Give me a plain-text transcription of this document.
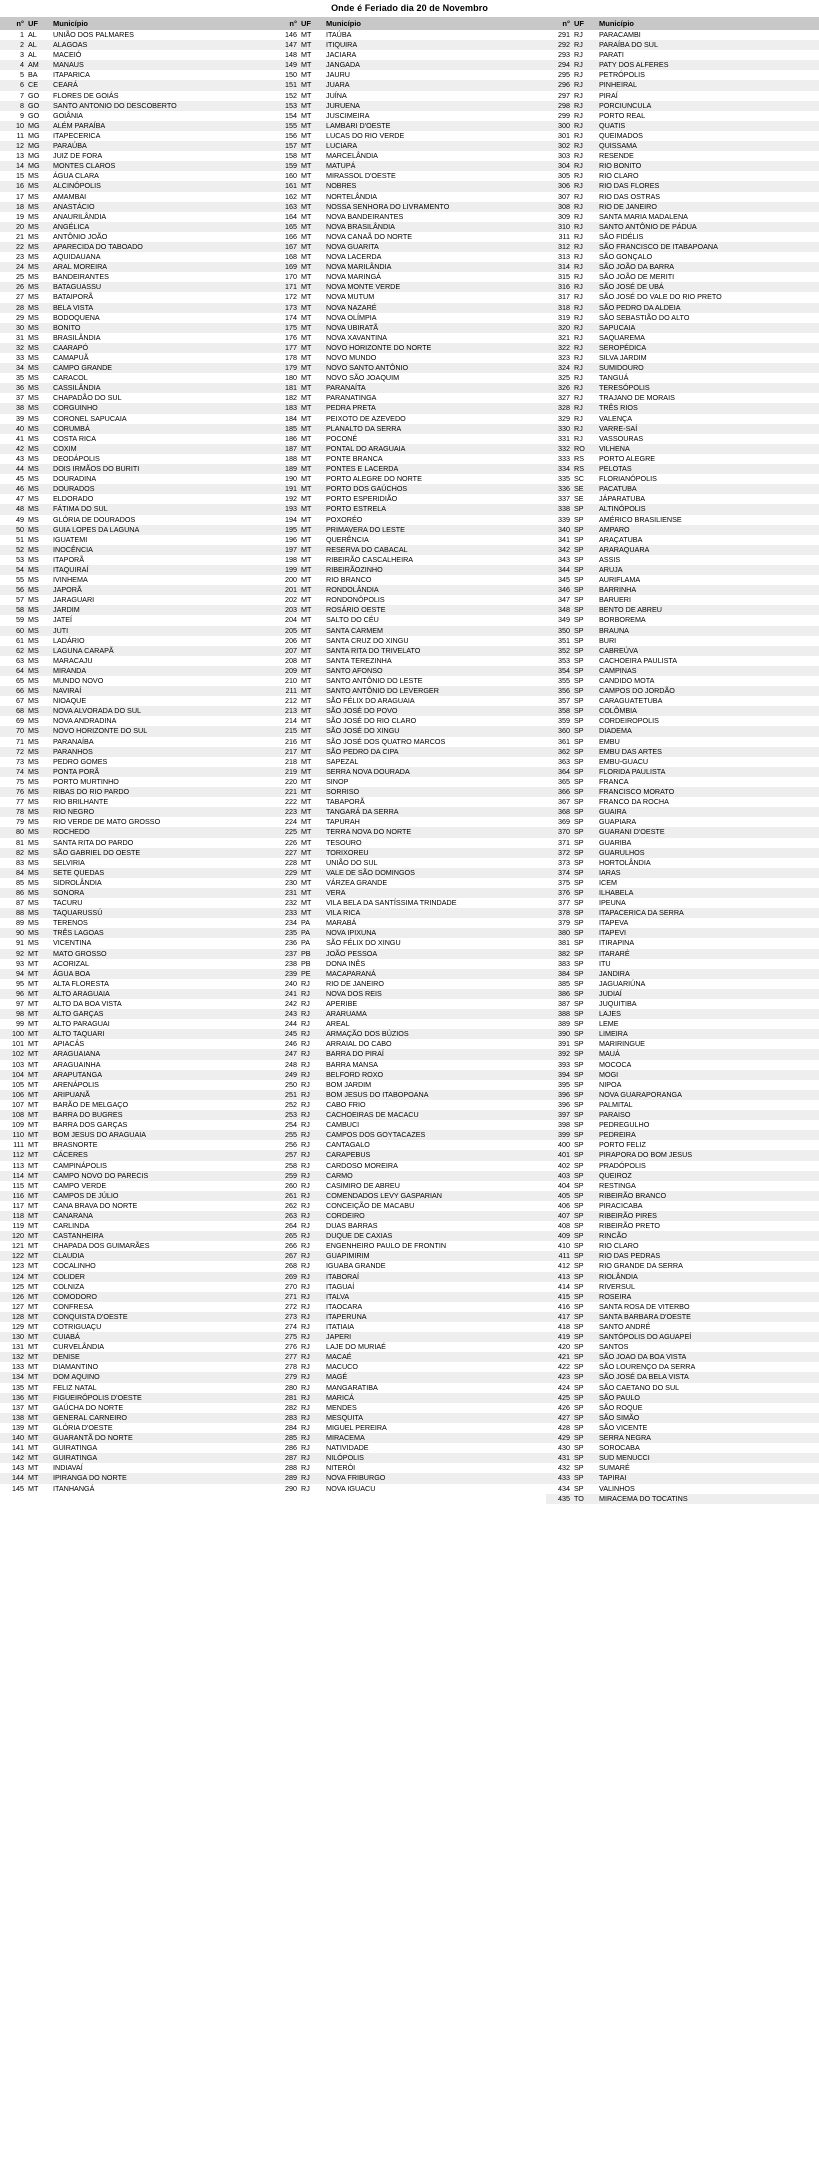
Onde é Feriado dia 20 de Novembro
n°	UF	Município
1	AL	UNIÃO DOS PALMARES
2	AL	ALAGOAS
3	AL	MACEIÓ
4	AM	MANAUS
5	BA	ITAPARICA
6	CE	CEARÁ
7	GO	FLORES DE GOIÁS
8	GO	SANTO ANTONIO DO DESCOBERTO
9	GO	GOIÂNIA
10	MG	ALÉM PARAÍBA
11	MG	ITAPECERICA
12	MG	PARAÚBA
13	MG	JUIZ DE FORA
14	MG	MONTES CLAROS
15	MS	ÁGUA CLARA
16	MS	ALCINÓPOLIS
17	MS	AMAMBAI
18	MS	ANASTÁCIO
19	MS	ANAURILÂNDIA
20	MS	ANGÉLICA
21	MS	ANTÔNIO JOÃO
22	MS	APARECIDA DO TABOADO
23	MS	AQUIDAUANA
24	MS	ARAL MOREIRA
25	MS	BANDEIRANTES
26	MS	BATAGUASSU
27	MS	BATAIPORÃ
28	MS	BELA VISTA
29	MS	BODOQUENA
30	MS	BONITO
31	MS	BRASILÂNDIA
32	MS	CAARAPÓ
33	MS	CAMAPUÃ
34	MS	CAMPO GRANDE
35	MS	CARACOL
36	MS	CASSILÂNDIA
37	MS	CHAPADÃO DO SUL
38	MS	CORGUINHO
39	MS	CORONEL SAPUCAIA
40	MS	CORUMBÁ
41	MS	COSTA RICA
42	MS	COXIM
43	MS	DEODÁPOLIS
44	MS	DOIS IRMÃOS DO BURITI
45	MS	DOURADINA
46	MS	DOURADOS
47	MS	ELDORADO
48	MS	FÁTIMA DO SUL
49	MS	GLÓRIA DE DOURADOS
50	MS	GUIA LOPES DA LAGUNA
51	MS	IGUATEMI
52	MS	INOCÊNCIA
53	MS	ITAPORÃ
54	MS	ITAQUIRAÍ
55	MS	IVINHEMA
56	MS	JAPORÃ
57	MS	JARAGUARI
58	MS	JARDIM
59	MS	JATEÍ
60	MS	JUTI
61	MS	LADÁRIO
62	MS	LAGUNA CARAPÃ
63	MS	MARACAJU
64	MS	MIRANDA
65	MS	MUNDO NOVO
66	MS	NAVIRAÍ
67	MS	NIOAQUE
68	MS	NOVA ALVORADA DO SUL
69	MS	NOVA ANDRADINA
70	MS	NOVO HORIZONTE DO SUL
71	MS	PARANAÍBA
72	MS	PARANHOS
73	MS	PEDRO GOMES
74	MS	PONTA PORÃ
75	MS	PORTO MURTINHO
76	MS	RIBAS DO RIO PARDO
77	MS	RIO BRILHANTE
78	MS	RIO NEGRO
79	MS	RIO VERDE DE MATO GROSSO
80	MS	ROCHEDO
81	MS	SANTA RITA DO PARDO
82	MS	SÃO GABRIEL DO OESTE
83	MS	SELVIRIA
84	MS	SETE QUEDAS
85	MS	SIDROLÂNDIA
86	MS	SONORA
87	MS	TACURU
88	MS	TAQUARUSSÚ
89	MS	TERENOS
90	MS	TRÊS LAGOAS
91	MS	VICENTINA
92	MT	MATO GROSSO
93	MT	ACORIZAL
94	MT	ÁGUA BOA
95	MT	ALTA FLORESTA
96	MT	ALTO ARAGUAIA
97	MT	ALTO DA BOA VISTA
98	MT	ALTO GARÇAS
99	MT	ALTO PARAGUAI
100	MT	ALTO TAQUARI
101	MT	APIACÁS
102	MT	ARAGUAIANA
103	MT	ARAGUAINHA
104	MT	ARAPUTANGA
105	MT	ARENÁPOLIS
106	MT	ARIPUANÃ
107	MT	BARÃO DE MELGAÇO
108	MT	BARRA DO BUGRES
109	MT	BARRA DOS GARÇAS
110	MT	BOM JESUS DO ARAGUAIA
111	MT	BRASNORTE
112	MT	CÁCERES
113	MT	CAMPINÁPOLIS
114	MT	CAMPO NOVO DO PARECIS
115	MT	CAMPO VERDE
116	MT	CAMPOS DE JÚLIO
117	MT	CANA BRAVA DO NORTE
118	MT	CANARANA
119	MT	CARLINDA
120	MT	CASTANHEIRA
121	MT	CHAPADA DOS GUIMARÃES
122	MT	CLAUDIA
123	MT	COCALINHO
124	MT	COLIDER
125	MT	COLNIZA
126	MT	COMODORO
127	MT	CONFRESA
128	MT	CONQUISTA D'OESTE
129	MT	COTRIGUAÇU
130	MT	CUIABÁ
131	MT	CURVELÂNDIA
132	MT	DENISE
133	MT	DIAMANTINO
134	MT	DOM AQUINO
135	MT	FELIZ NATAL
136	MT	FIGUEIRÓPOLIS D'OESTE
137	MT	GAÚCHA DO NORTE
138	MT	GENERAL CARNEIRO
139	MT	GLÓRIA D'OESTE
140	MT	GUARANTÃ DO NORTE
141	MT	GUIRATINGA
142	MT	GUIRATINGA
143	MT	INDIAVAÍ
144	MT	IPIRANGA DO NORTE
145	MT	ITANHANGÁ
n°	UF	Município
146	MT	ITAÚBA
147	MT	ITIQUIRA
148	MT	JACIARA
149	MT	JANGADA
150	MT	JAURU
151	MT	JUARA
152	MT	JUÍNA
153	MT	JURUENA
154	MT	JUSCIMEIRA
155	MT	LAMBARI D'OESTE
156	MT	LUCAS DO RIO VERDE
157	MT	LUCIARA
158	MT	MARCELÂNDIA
159	MT	MATUPÁ
160	MT	MIRASSOL D'OESTE
161	MT	NOBRES
162	MT	NORTELÂNDIA
163	MT	NOSSA SENHORA DO LIVRAMENTO
164	MT	NOVA BANDEIRANTES
165	MT	NOVA BRASILÂNDIA
166	MT	NOVA CANAÃ DO NORTE
167	MT	NOVA GUARITA
168	MT	NOVA LACERDA
169	MT	NOVA MARILÂNDIA
170	MT	NOVA MARINGÁ
171	MT	NOVA MONTE VERDE
172	MT	NOVA MUTUM
173	MT	NOVA NAZARÉ
174	MT	NOVA OLÍMPIA
175	MT	NOVA UBIRATÃ
176	MT	NOVA XAVANTINA
177	MT	NOVO HORIZONTE DO NORTE
178	MT	NOVO MUNDO
179	MT	NOVO SANTO ANTÔNIO
180	MT	NOVO SÃO JOAQUIM
181	MT	PARANAÍTA
182	MT	PARANATINGA
183	MT	PEDRA PRETA
184	MT	PEIXOTO DE AZEVEDO
185	MT	PLANALTO DA SERRA
186	MT	POCONÉ
187	MT	PONTAL DO ARAGUAIA
188	MT	PONTE BRANCA
189	MT	PONTES E LACERDA
190	MT	PORTO ALEGRE DO NORTE
191	MT	PORTO DOS GAÚCHOS
192	MT	PORTO ESPERIDIÃO
193	MT	PORTO ESTRELA
194	MT	POXORÉO
195	MT	PRIMAVERA DO LESTE
196	MT	QUERÊNCIA
197	MT	RESERVA DO CABACAL
198	MT	RIBEIRÃO CASCALHEIRA
199	MT	RIBEIRÃOZINHO
200	MT	RIO BRANCO
201	MT	RONDOLÂNDIA
202	MT	RONDONÓPOLIS
203	MT	ROSÁRIO OESTE
204	MT	SALTO DO CÉU
205	MT	SANTA CARMEM
206	MT	SANTA CRUZ DO XINGU
207	MT	SANTA RITA DO TRIVELATO
208	MT	SANTA TEREZINHA
209	MT	SANTO AFONSO
210	MT	SANTO ANTÔNIO DO LESTE
211	MT	SANTO ANTÔNIO DO LEVERGER
212	MT	SÃO FÉLIX DO ARAGUAIA
213	MT	SÃO JOSÉ DO POVO
214	MT	SÃO JOSÉ DO RIO CLARO
215	MT	SÃO JOSÉ DO XINGU
216	MT	SÃO JOSÉ DOS QUATRO MARCOS
217	MT	SÃO PEDRO DA CIPA
218	MT	SAPEZAL
219	MT	SERRA NOVA DOURADA
220	MT	SINOP
221	MT	SORRISO
222	MT	TABAPORÃ
223	MT	TANGARÁ DA SERRA
224	MT	TAPURAH
225	MT	TERRA NOVA DO NORTE
226	MT	TESOURO
227	MT	TORIXOREU
228	MT	UNIÃO DO SUL
229	MT	VALE DE SÃO DOMINGOS
230	MT	VÁRZEA GRANDE
231	MT	VERA
232	MT	VILA BELA DA SANTÍSSIMA TRINDADE
233	MT	VILA RICA
234	PA	MARABÁ
235	PA	NOVA IPIXUNA
236	PA	SÃO FÉLIX DO XINGU
237	PB	JOÃO PESSOA
238	PB	DONA INÊS
239	PE	MACAPARANÁ
240	RJ	RIO DE JANEIRO
241	RJ	NOVA DOS REIS
242	RJ	APERIBE
243	RJ	ARARUAMA
244	RJ	AREAL
245	RJ	ARMAÇÃO DOS BÚZIOS
246	RJ	ARRAIAL DO CABO
247	RJ	BARRA DO PIRAÍ
248	RJ	BARRA MANSA
249	RJ	BELFORD ROXO
250	RJ	BOM JARDIM
251	RJ	BOM JESUS DO ITABOPOANA
252	RJ	CABO FRIO
253	RJ	CACHOEIRAS DE MACACU
254	RJ	CAMBUCI
255	RJ	CAMPOS DOS GOYTACAZES
256	RJ	CANTAGALO
257	RJ	CARAPEBUS
258	RJ	CARDOSO MOREIRA
259	RJ	CARMO
260	RJ	CASIMIRO DE ABREU
261	RJ	COMENDADOS LEVY GASPARIAN
262	RJ	CONCEIÇÃO DE MACABU
263	RJ	CORDEIRO
264	RJ	DUAS BARRAS
265	RJ	DUQUE DE CAXIAS
266	RJ	ENGENHEIRO PAULO DE FRONTIN
267	RJ	GUAPIMIRIM
268	RJ	IGUABA GRANDE
269	RJ	ITABORAÍ
270	RJ	ITAGUAÍ
271	RJ	ITALVA
272	RJ	ITAOCARA
273	RJ	ITAPERUNA
274	RJ	ITATIAIA
275	RJ	JAPERI
276	RJ	LAJE DO MURIAÉ
277	RJ	MACAÉ
278	RJ	MACUCO
279	RJ	MAGÉ
280	RJ	MANGARATIBA
281	RJ	MARICÁ
282	RJ	MENDES
283	RJ	MESQUITA
284	RJ	MIGUEL PEREIRA
285	RJ	MIRACEMA
286	RJ	NATIVIDADE
287	RJ	NILÓPOLIS
288	RJ	NITERÓI
289	RJ	NOVA FRIBURGO
290	RJ	NOVA IGUACU
n°	UF	Município
291	RJ	PARACAMBI
292	RJ	PARAÍBA DO SUL
293	RJ	PARATI
294	RJ	PATY DOS ALFERES
295	RJ	PETRÓPOLIS
296	RJ	PINHEIRAL
297	RJ	PIRAÍ
298	RJ	PORCIUNCULA
299	RJ	PORTO REAL
300	RJ	QUATIS
301	RJ	QUEIMADOS
302	RJ	QUISSAMA
303	RJ	RESENDE
304	RJ	RIO BONITO
305	RJ	RIO CLARO
306	RJ	RIO DAS FLORES
307	RJ	RIO DAS OSTRAS
308	RJ	RIO DE JANEIRO
309	RJ	SANTA MARIA MADALENA
310	RJ	SANTO ANTÔNIO DE PÁDUA
311	RJ	SÃO FIDÉLIS
312	RJ	SÃO FRANCISCO DE ITABAPOANA
313	RJ	SÃO GONÇALO
314	RJ	SÃO JOÃO DA BARRA
315	RJ	SÃO JOÃO DE MERITI
316	RJ	SÃO JOSÉ DE UBÁ
317	RJ	SÃO JOSÉ DO VALE DO RIO PRETO
318	RJ	SÃO PEDRO DA ALDEIA
319	RJ	SÃO SEBASTIÃO DO ALTO
320	RJ	SAPUCAIA
321	RJ	SAQUAREMA
322	RJ	SEROPÉDICA
323	RJ	SILVA JARDIM
324	RJ	SUMIDOURO
325	RJ	TANGUÁ
326	RJ	TERESÓPOLIS
327	RJ	TRAJANO DE MORAIS
328	RJ	TRÊS RIOS
329	RJ	VALENÇA
330	RJ	VARRE-SAÍ
331	RJ	VASSOURAS
332	RO	VILHENA
333	RS	PORTO ALEGRE
334	RS	PELOTAS
335	SC	FLORIANÓPOLIS
336	SE	PACATUBA
337	SE	JÁPARATUBA
338	SP	ALTINÓPOLIS
339	SP	AMÉRICO BRASILIENSE
340	SP	AMPARO
341	SP	ARAÇATUBA
342	SP	ARARAQUARA
343	SP	ASSIS
344	SP	ARUJA
345	SP	AURIFLAMA
346	SP	BARRINHA
347	SP	BARUERI
348	SP	BENTO DE ABREU
349	SP	BORBOREMA
350	SP	BRAUNA
351	SP	BURI
352	SP	CABREÚVA
353	SP	CACHOEIRA PAULISTA
354	SP	CAMPINAS
355	SP	CANDIDO MOTA
356	SP	CAMPOS DO JORDÃO
357	SP	CARAGUATETUBA
358	SP	COLÔMBIA
359	SP	CORDEIROPOLIS
360	SP	DIADEMA
361	SP	EMBU
362	SP	EMBU DAS ARTES
363	SP	EMBU-GUACU
364	SP	FLORIDA PAULISTA
365	SP	FRANCA
366	SP	FRANCISCO MORATO
367	SP	FRANCO DA ROCHA
368	SP	GUAIRA
369	SP	GUAPIARA
370	SP	GUARANI D'OESTE
371	SP	GUARIBA
372	SP	GUARULHOS
373	SP	HORTOLÂNDIA
374	SP	IARAS
375	SP	ICEM
376	SP	ILHABELA
377	SP	IPEUNA
378	SP	ITAPACERICA DA SERRA
379	SP	ITAPEVA
380	SP	ITAPEVI
381	SP	ITIRAPINA
382	SP	ITARARÉ
383	SP	ITU
384	SP	JANDIRA
385	SP	JAGUARIÚNA
386	SP	JUDIAÍ
387	SP	JUQUITIBA
388	SP	LAJES
389	SP	LEME
390	SP	LIMEIRA
391	SP	MARIRINGUE
392	SP	MAUÁ
393	SP	MOCOCA
394	SP	MOGI
395	SP	NIPOA
396	SP	NOVA GUARAPORANGA
396	SP	PALMITAL
397	SP	PARAISO
398	SP	PEDREGULHO
399	SP	PEDREIRA
400	SP	PORTO FELIZ
401	SP	PIRAPORA DO BOM JESUS
402	SP	PRADÓPOLIS
403	SP	QUEIROZ
404	SP	RESTINGA
405	SP	RIBEIRÃO BRANCO
406	SP	PIRACICABA
407	SP	RIBEIRÃO PIRES
408	SP	RIBEIRÃO PRETO
409	SP	RINCÃO
410	SP	RIO CLARO
411	SP	RIO DAS PEDRAS
412	SP	RIO GRANDE DA SERRA
413	SP	RIOLÂNDIA
414	SP	RIVERSUL
415	SP	ROSEIRA
416	SP	SANTA ROSA DE VITERBO
417	SP	SANTA BARBARA D'OESTE
418	SP	SANTO ANDRÉ
419	SP	SANTÓPOLIS DO AGUAPEÍ
420	SP	SANTOS
421	SP	SÃO JOAO DA BOA VISTA
422	SP	SÃO LOURENÇO DA SERRA
423	SP	SÃO JOSÉ DA BELA VISTA
424	SP	SÃO CAETANO DO SUL
425	SP	SÃO PAULO
426	SP	SÃO ROQUE
427	SP	SÃO SIMÃO
428	SP	SÃO VICENTE
429	SP	SERRA NEGRA
430	SP	SOROCABA
431	SP	SUD MENUCCI
432	SP	SUMARÉ
433	SP	TAPIRAI
434	SP	VALINHOS
435	TO	MIRACEMA DO TOCATINS
